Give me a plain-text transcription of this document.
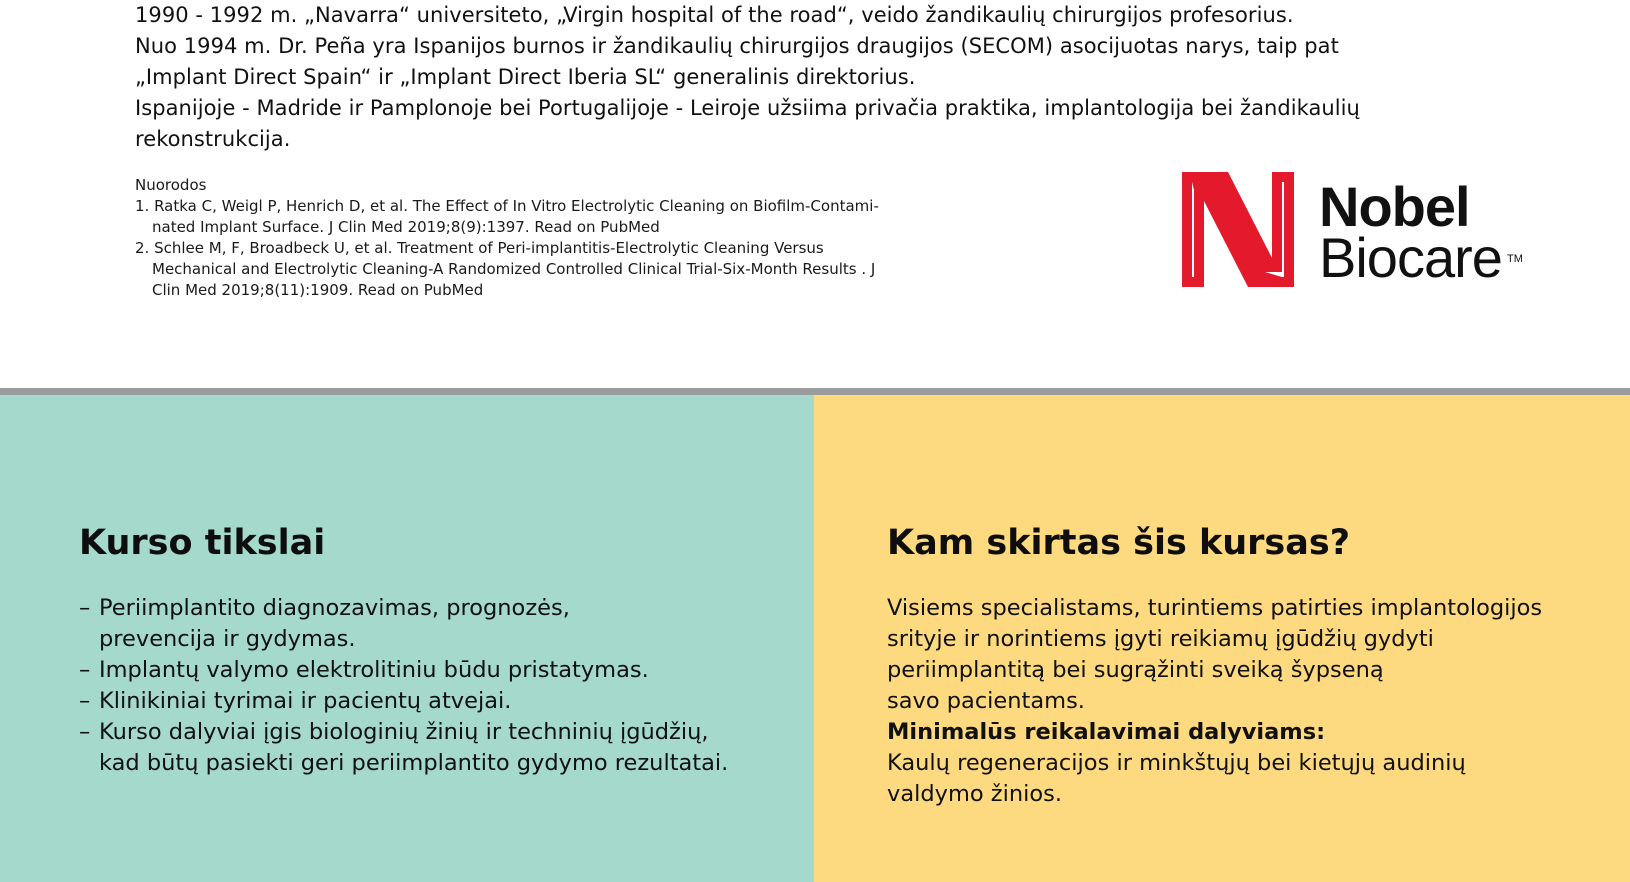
1990 - 1992 m. „Navarra“ universiteto, „Virgin hospital of the road“, veido žandikaulių chirurgijos profesorius.
Nuo 1994 m. Dr. Peña yra Ispanijos burnos ir žandikaulių chirurgijos draugijos (SECOM) asocijuotas narys, taip pat
„Implant Direct Spain“ ir „Implant Direct Iberia SL“ generalinis direktorius.
Ispanijoje - Madride ir Pamplonoje bei Portugalijoje - Leiroje užsiima privačia praktika, implantologija bei žandikaulių
rekonstrukcija.
Nuorodos
1. Ratka C, Weigl P, Henrich D, et al. The Effect of In Vitro Electrolytic Cleaning on Biofilm-Contami-
nated Implant Surface. J Clin Med 2019;8(9):1397. Read on PubMed
2. Schlee M, F, Broadbeck U, et al. Treatment of Peri-implantitis-Electrolytic Cleaning Versus
Mechanical and Electrolytic Cleaning-A Randomized Controlled Clinical Trial-Six-Month Results . J
Clin Med 2019;8(11):1909. Read on PubMed
Nobel
Biocare TM
Kurso tikslai
– Periimplantito diagnozavimas, prognozės,
prevencija ir gydymas.
– Implantų valymo elektrolitiniu būdu pristatymas.
– Klinikiniai tyrimai ir pacientų atvejai.
– Kurso dalyviai įgis biologinių žinių ir techninių įgūdžių,
kad būtų pasiekti geri periimplantito gydymo rezultatai.
Kam skirtas šis kursas?
Visiems specialistams, turintiems patirties implantologijos
srityje ir norintiems įgyti reikiamų įgūdžių gydyti
periimplantitą bei sugrąžinti sveiką šypseną
savo pacientams.
Minimalūs reikalavimai dalyviams:
Kaulų regeneracijos ir minkštųjų bei kietųjų audinių
valdymo žinios.
